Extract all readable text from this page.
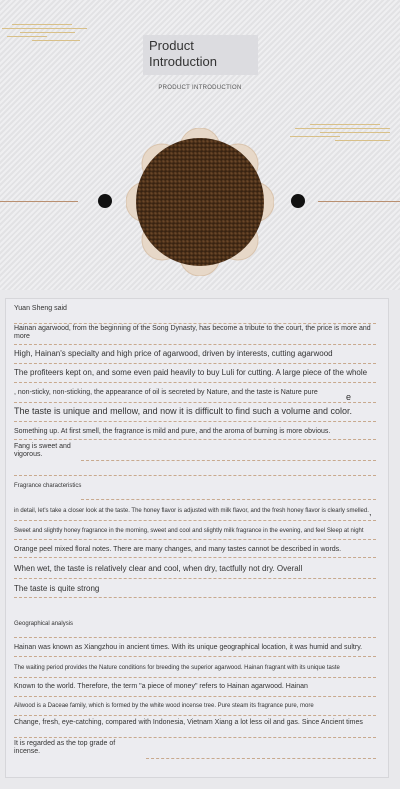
Product Introduction
PRODUCT INTRODUCTION
Yuan Sheng said
Hainan agarwood, from the beginning of the Song Dynasty, has become a tribute to the court, the price is more and more
High, Hainan's specialty and high price of agarwood, driven by interests, cutting agarwood
The profiteers kept on, and some even paid heavily to buy Luli for cutting. A large piece of the whole
, non-sticky, non-sticking, the appearance of oil is secreted by Nature, and the taste is Nature pure	e
The taste is unique and mellow, and now it is difficult to find such a volume and color.
Something up. At first smell, the fragrance is mild and pure, and the aroma of burning is more obvious.
Fang is sweet and vigorous.
Fragrance characteristics
in detail, let's take a closer look at the taste. The honey flavor is adjusted with milk flavor, and the fresh honey flavor is clearly smelled. ,
Sweet and slightly honey fragrance in the morning, sweet and cool and slightly milk fragrance in the evening, and feel Sleep at night
Orange peel mixed floral notes. There are many changes, and many tastes cannot be described in words.
When wet, the taste is relatively clear and cool, when dry, tactfully not dry. Overall
The taste is quite strong
Geographical analysis
Hainan was known as Xiangzhou in ancient times. With its unique geographical location, it was humid and sultry.
The waiting period provides the Nature conditions for breeding the superior agarwood. Hainan fragrant with its unique taste
Known to the world. Therefore, the term "a piece of money" refers to Hainan agarwood. Hainan
Ailwood is a Daceae family, which is formed by the white wood incense tree. Pure steam its fragrance pure, more
Change, fresh, eye-catching, compared with Indonesia, Vietnam Xiang a lot less oil and gas. Since Ancient times
It is regarded as the top grade of incense.
